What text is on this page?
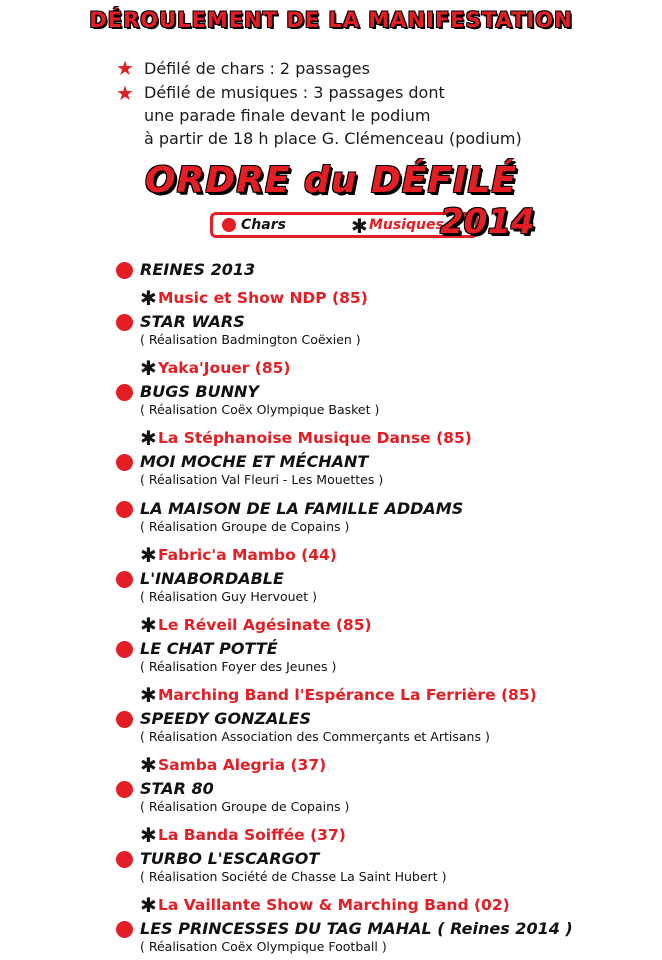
DÉROULEMENT DE LA MANIFESTATION
★ Défilé de chars : 2 passages
★ Défilé de musiques : 3 passages dont
une parade finale devant le podium
à partir de 18 h place G. Clémenceau (podium)
ORDRE du DÉFILÉ
Chars	✱ Musiques
2014
REINES 2013
✱ Music et Show NDP (85)
STAR WARS
( Réalisation Badmington Coëxien )
✱ Yaka'Jouer (85)
BUGS BUNNY
( Réalisation Coëx Olympique Basket )
✱ La Stéphanoise Musique Danse (85)
MOI MOCHE ET MÉCHANT
( Réalisation Val Fleuri - Les Mouettes )
LA MAISON DE LA FAMILLE ADDAMS
( Réalisation Groupe de Copains )
✱ Fabric'a Mambo (44)
L'INABORDABLE
( Réalisation Guy Hervouet )
✱ Le Réveil Agésinate (85)
LE CHAT POTTÉ
( Réalisation Foyer des Jeunes )
✱ Marching Band l'Espérance La Ferrière (85)
SPEEDY GONZALES
( Réalisation Association des Commerçants et Artisans )
✱ Samba Alegria (37)
STAR 80
( Réalisation Groupe de Copains )
✱ La Banda Soiffée (37)
TURBO L'ESCARGOT
( Réalisation Société de Chasse La Saint Hubert )
✱ La Vaillante Show & Marching Band (02)
LES PRINCESSES DU TAG MAHAL ( Reines 2014 )
( Réalisation Coëx Olympique Football )
